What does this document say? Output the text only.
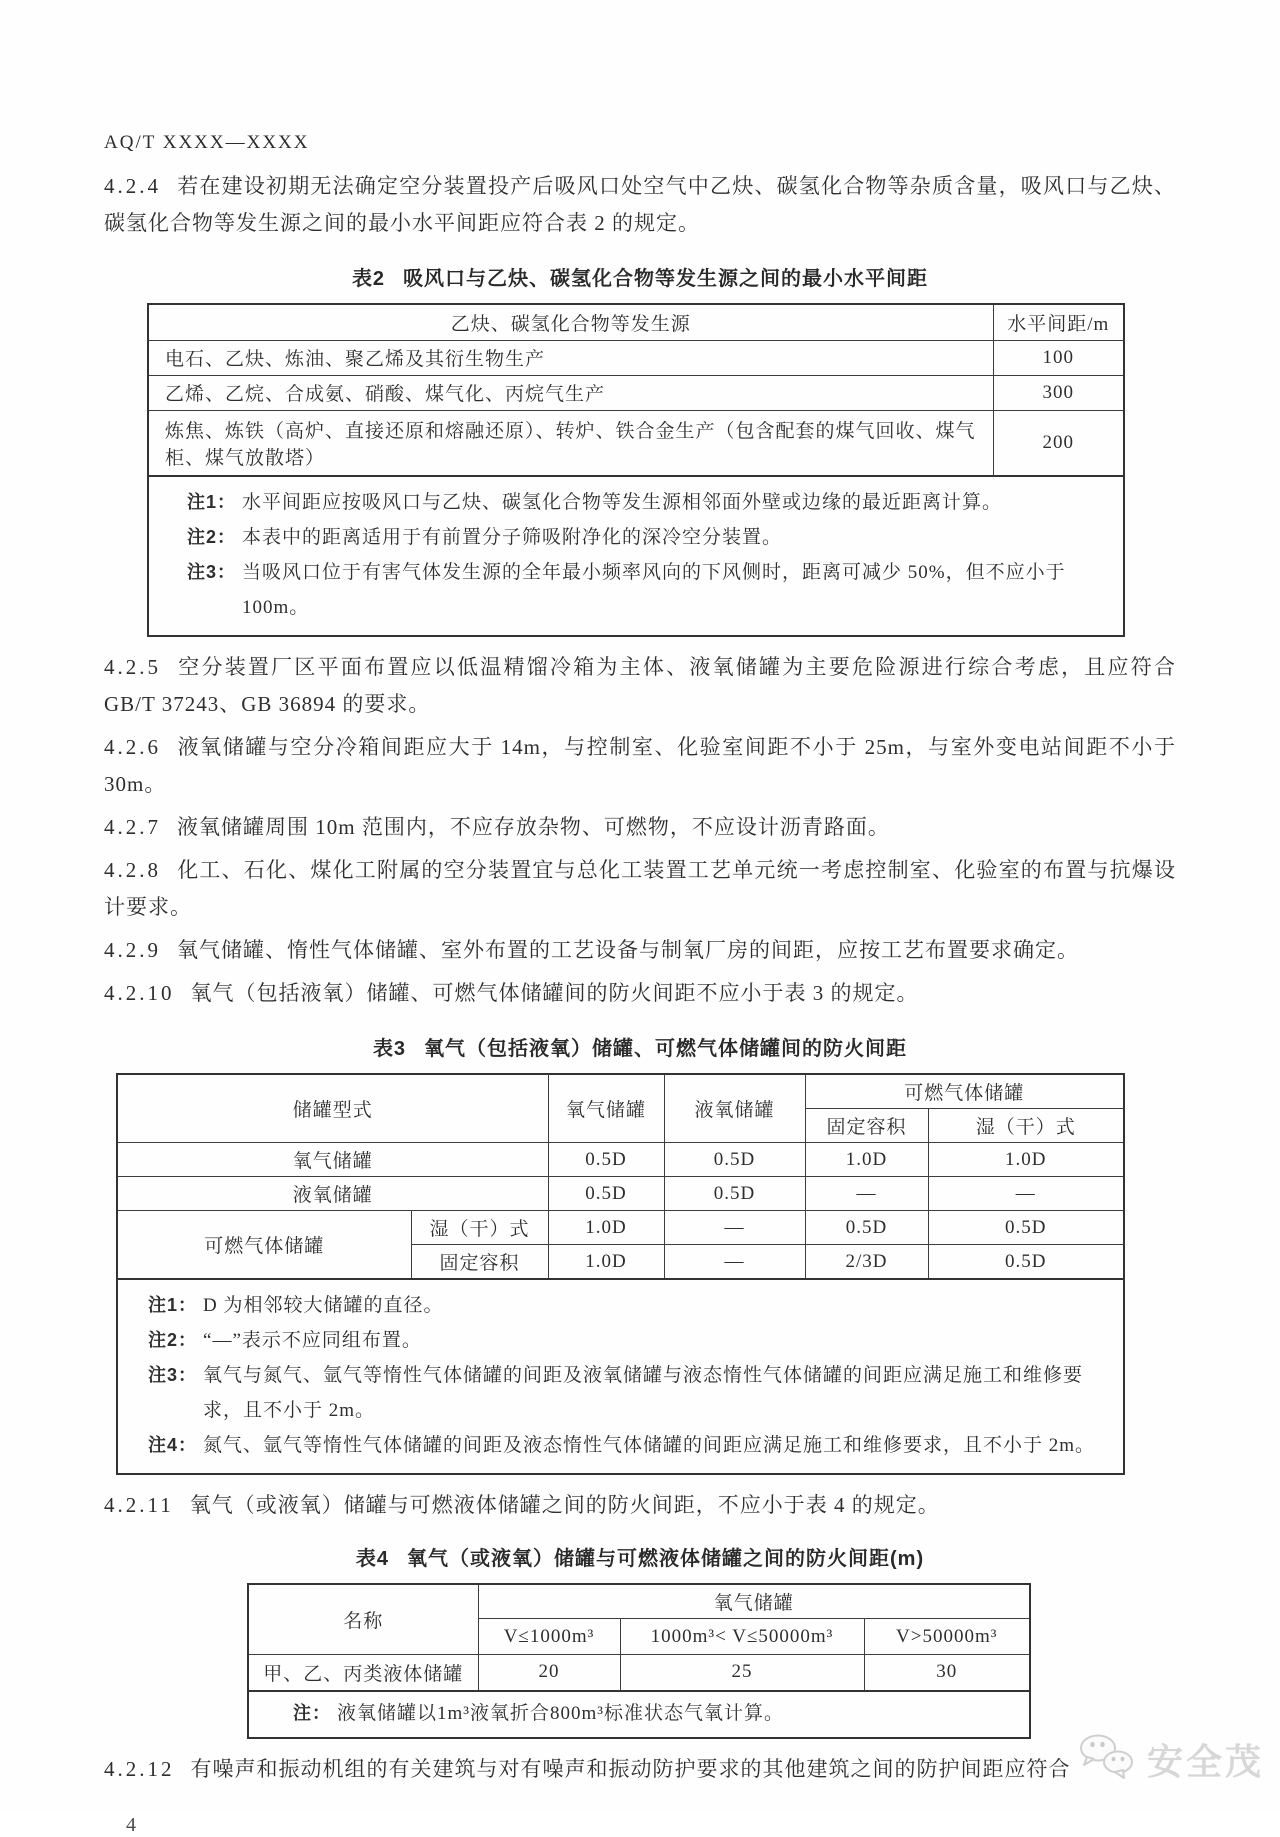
AQ/T XXXX—XXXX

4.2.4 若在建设初期无法确定空分装置投产后吸风口处空气中乙炔、碳氢化合物等杂质含量，吸风口与乙炔、碳氢化合物等发生源之间的最小水平间距应符合表 2 的规定。

表2 吸风口与乙炔、碳氢化合物等发生源之间的最小水平间距
乙炔、碳氢化合物等发生源	水平间距/m
电石、乙炔、炼油、聚乙烯及其衍生物生产	100
乙烯、乙烷、合成氨、硝酸、煤气化、丙烷气生产	300
炼焦、炼铁（高炉、直接还原和熔融还原）、转炉、铁合金生产（包含配套的煤气回收、煤气柜、煤气放散塔）	200

注1： 水平间距应按吸风口与乙炔、碳氢化合物等发生源相邻面外壁或边缘的最近距离计算。
注2： 本表中的距离适用于有前置分子筛吸附净化的深冷空分装置。
注3： 当吸风口位于有害气体发生源的全年最小频率风向的下风侧时，距离可减少 50%，但不应小于 100m。

4.2.5 空分装置厂区平面布置应以低温精馏冷箱为主体、液氧储罐为主要危险源进行综合考虑，且应符合 GB/T 37243、GB 36894 的要求。

4.2.6 液氧储罐与空分冷箱间距应大于 14m，与控制室、化验室间距不小于 25m，与室外变电站间距不小于 30m。

4.2.7 液氧储罐周围 10m 范围内，不应存放杂物、可燃物，不应设计沥青路面。

4.2.8 化工、石化、煤化工附属的空分装置宜与总化工装置工艺单元统一考虑控制室、化验室的布置与抗爆设计要求。

4.2.9 氧气储罐、惰性气体储罐、室外布置的工艺设备与制氧厂房的间距，应按工艺布置要求确定。

4.2.10 氧气（包括液氧）储罐、可燃气体储罐间的防火间距不应小于表 3 的规定。

表3 氧气（包括液氧）储罐、可燃气体储罐间的防火间距
储罐型式		氧气储罐	液氧储罐	可燃气体储罐	
				固定容积	湿（干）式
氧气储罐		0.5D	0.5D	1.0D	1.0D
液氧储罐		0.5D	0.5D	—	—
可燃气体储罐	湿（干）式	1.0D	—	0.5D	0.5D
	固定容积	1.0D	—	2/3D	0.5D

注1： D 为相邻较大储罐的直径。
注2： “—”表示不应同组布置。
注3： 氧气与氮气、氩气等惰性气体储罐的间距及液氧储罐与液态惰性气体储罐的间距应满足施工和维修要求，且不小于 2m。
注4： 氮气、氩气等惰性气体储罐的间距及液态惰性气体储罐的间距应满足施工和维修要求，且不小于 2m。

4.2.11 氧气（或液氧）储罐与可燃液体储罐之间的防火间距，不应小于表 4 的规定。

表4 氧气（或液氧）储罐与可燃液体储罐之间的防火间距(m)
名称	氧气储罐		
	V≤1000m³	1000m³< V≤50000m³	V>50000m³
甲、乙、丙类液体储罐	20	25	30

注： 液氧储罐以1m³液氧折合800m³标准状态气氧计算。			

4.2.12 有噪声和振动机组的有关建筑与对有噪声和振动防护要求的其他建筑之间的防护间距应符合

4
安全茂
